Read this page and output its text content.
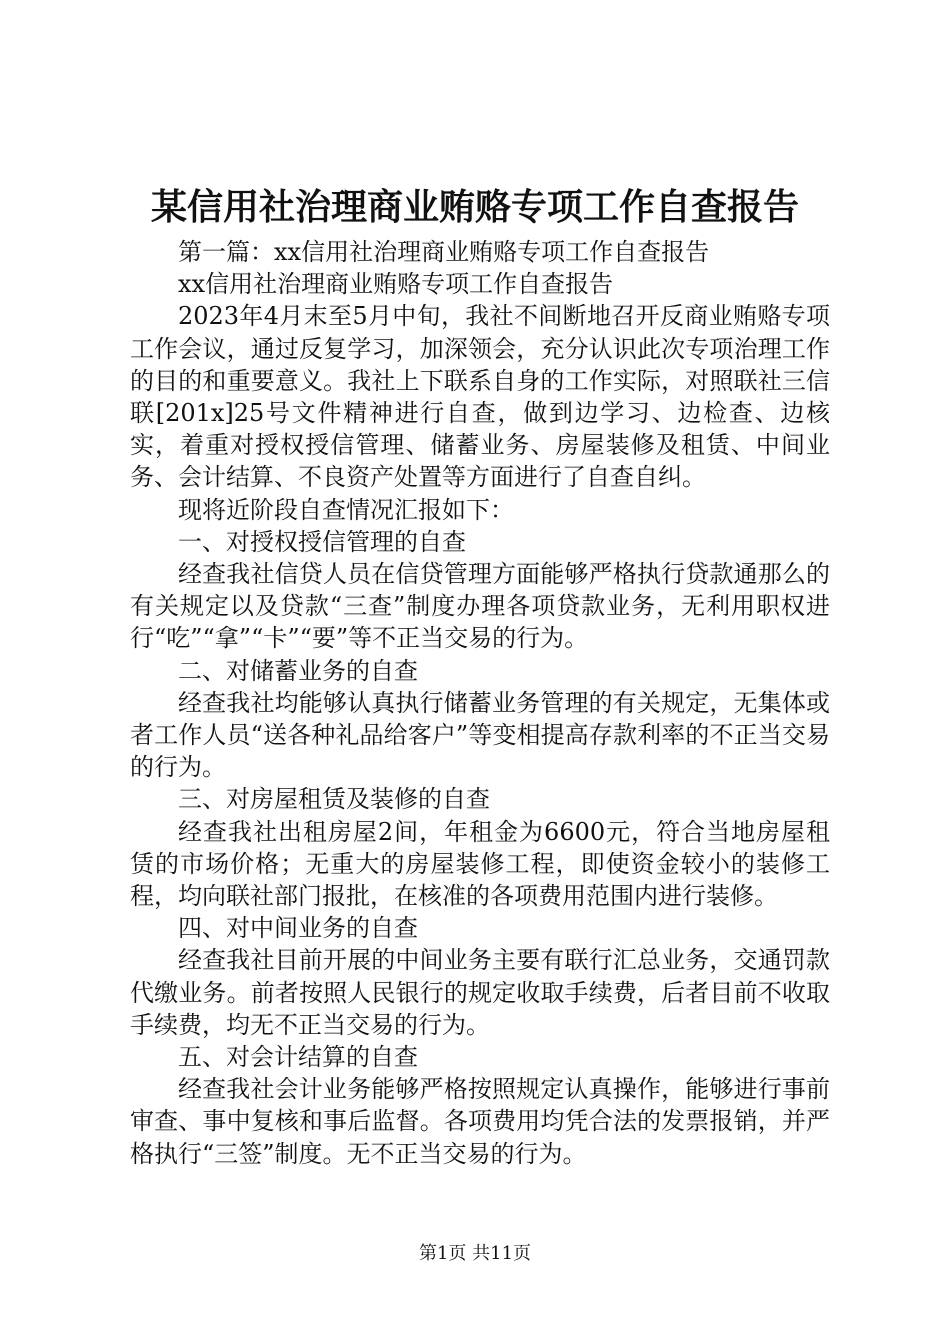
某信用社治理商业贿赂专项工作自查报告

第一篇：xx信用社治理商业贿赂专项工作自查报告

xx信用社治理商业贿赂专项工作自查报告

2023年4月末至5月中旬，我社不间断地召开反商业贿赂专项工作会议，通过反复学习，加深领会，充分认识此次专项治理工作的目的和重要意义。我社上下联系自身的工作实际，对照联社三信联[201x]25号文件精神进行自查，做到边学习、边检查、边核实，着重对授权授信管理、储蓄业务、房屋装修及租赁、中间业务、会计结算、不良资产处置等方面进行了自查自纠。

现将近阶段自查情况汇报如下：

一、对授权授信管理的自查

经查我社信贷人员在信贷管理方面能够严格执行贷款通那么的有关规定以及贷款“三查”制度办理各项贷款业务，无利用职权进行“吃”“拿”“卡”“要”等不正当交易的行为。

二、对储蓄业务的自查

经查我社均能够认真执行储蓄业务管理的有关规定，无集体或者工作人员“送各种礼品给客户”等变相提高存款利率的不正当交易的行为。

三、对房屋租赁及装修的自查

经查我社出租房屋2间，年租金为6600元，符合当地房屋租赁的市场价格；无重大的房屋装修工程，即使资金较小的装修工程，均向联社部门报批，在核准的各项费用范围内进行装修。

四、对中间业务的自查

经查我社目前开展的中间业务主要有联行汇总业务，交通罚款代缴业务。前者按照人民银行的规定收取手续费，后者目前不收取手续费，均无不正当交易的行为。

五、对会计结算的自查

经查我社会计业务能够严格按照规定认真操作，能够进行事前审查、事中复核和事后监督。各项费用均凭合法的发票报销，并严格执行“三签”制度。无不正当交易的行为。

第1页 共11页
